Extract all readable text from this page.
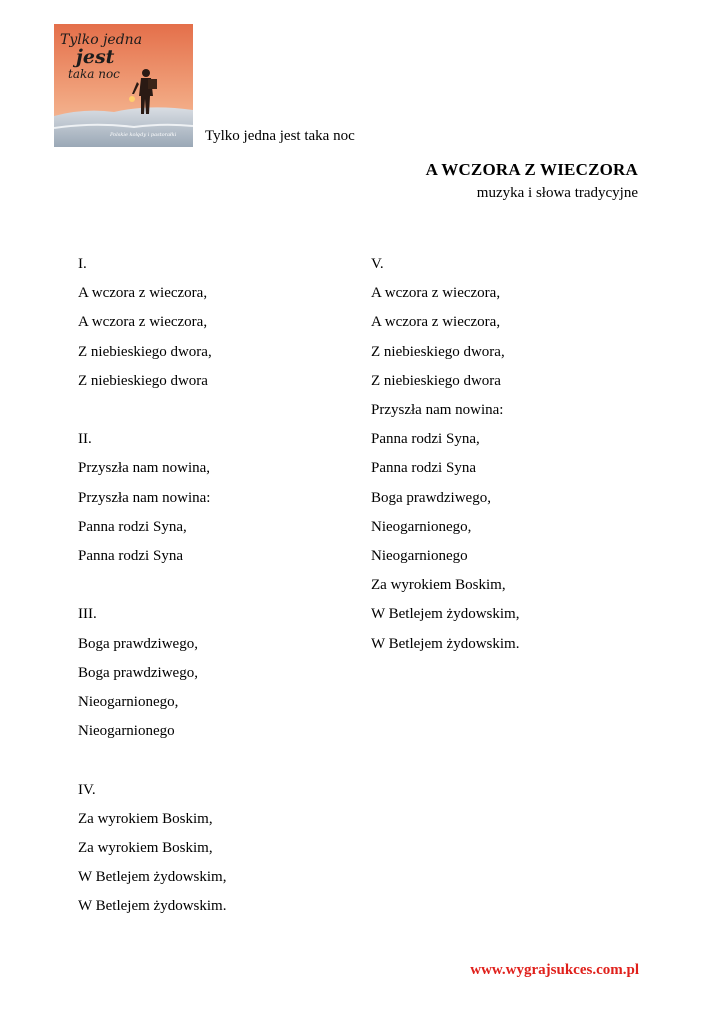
Tylko jedna
jest
taka noc
Polskie kolędy i pastorałki Tylko jedna jest taka noc
A WCZORA Z WIECZORA
muzyka i słowa tradycyjne
I.
A wczora z wieczora,
A wczora z wieczora,
Z niebieskiego dwora,
Z niebieskiego dwora
II.
Przyszła nam nowina,
Przyszła nam nowina:
Panna rodzi Syna,
Panna rodzi Syna
III.
Boga prawdziwego,
Boga prawdziwego,
Nieogarnionego,
Nieogarnionego
IV.
Za wyrokiem Boskim,
Za wyrokiem Boskim,
W Betlejem żydowskim,
W Betlejem żydowskim.
V.
A wczora z wieczora,
A wczora z wieczora,
Z niebieskiego dwora,
Z niebieskiego dwora
Przyszła nam nowina:
Panna rodzi Syna,
Panna rodzi Syna
Boga prawdziwego,
Nieogarnionego,
Nieogarnionego
Za wyrokiem Boskim,
W Betlejem żydowskim,
W Betlejem żydowskim.
www.wygrajsukces.com.pl
